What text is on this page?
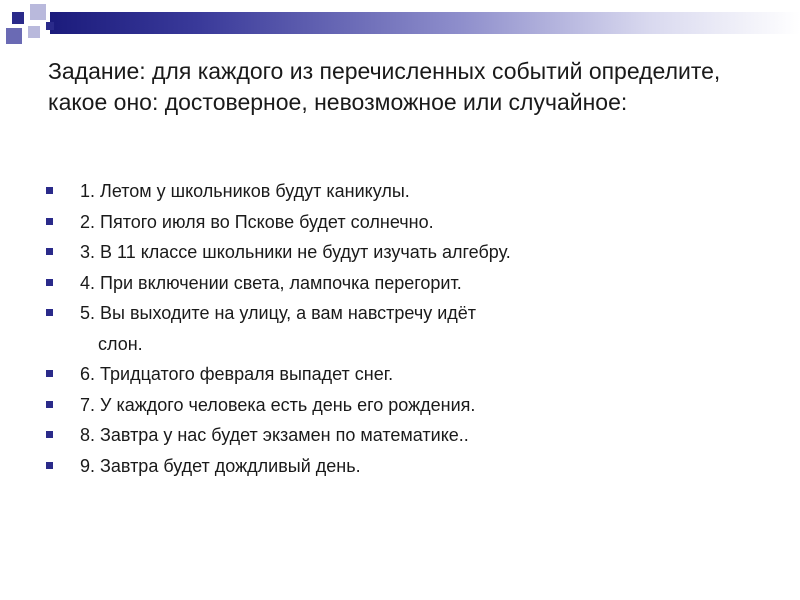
Задание: для каждого из перечисленных событий определите, какое оно: достоверное, невозможное или случайное:
1. Летом у школьников будут каникулы.
2. Пятого июля во Пскове будет солнечно.
3. В 11 классе школьники не будут изучать алгебру.
4. При включении света, лампочка перегорит.
5. Вы выходите на улицу, а вам навстречу идёт
слон.
6. Тридцатого февраля выпадет снег.
7. У каждого человека есть день его рождения.
8. Завтра у нас будет экзамен по математике..
9. Завтра будет дождливый день.
